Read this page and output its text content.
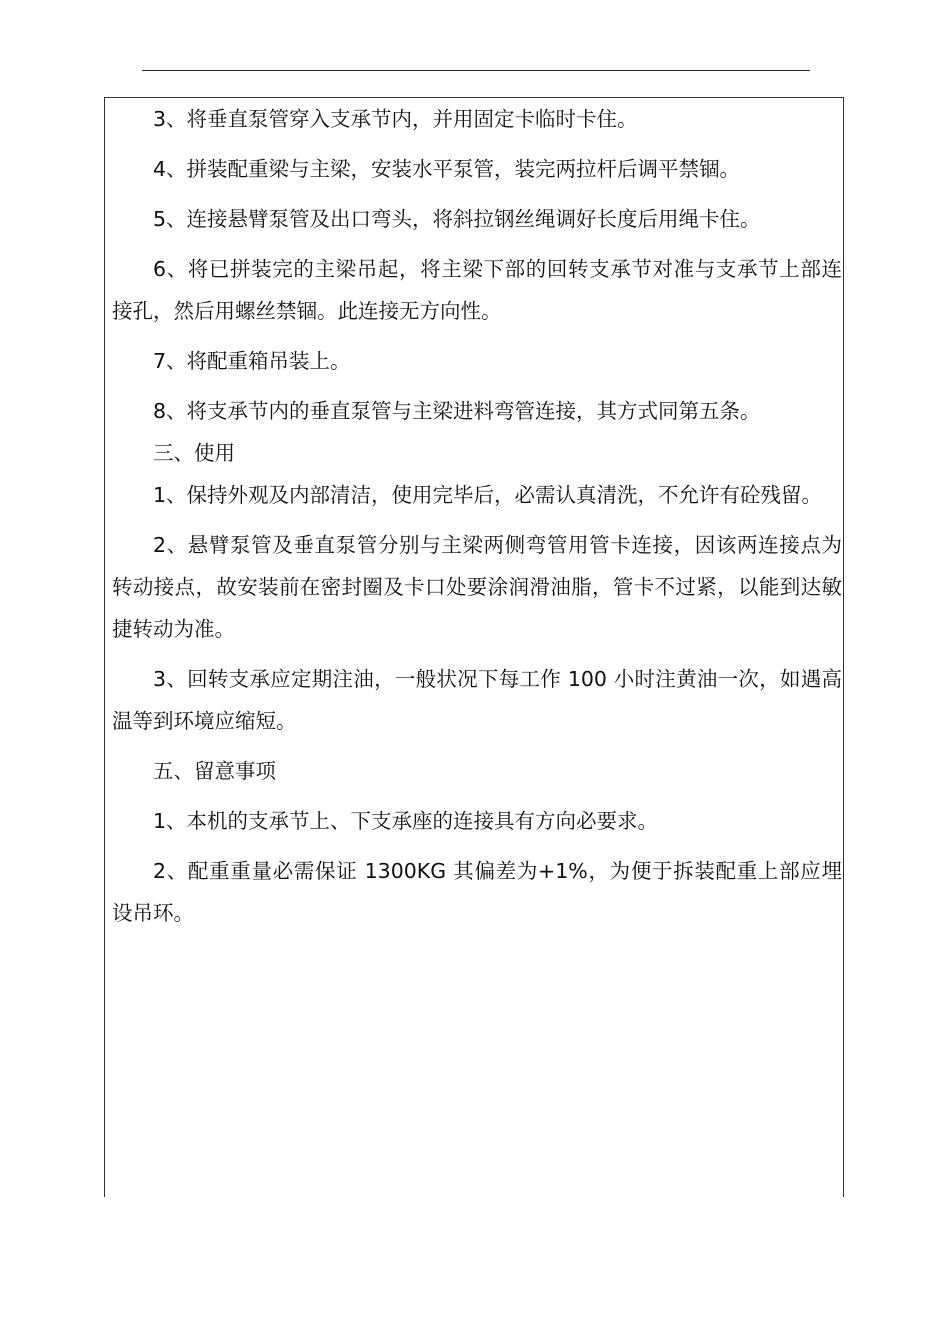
3、将垂直泵管穿入支承节内，并用固定卡临时卡住。

4、拼装配重梁与主梁，安装水平泵管，装完两拉杆后调平禁锢。

5、连接悬臂泵管及出口弯头，将斜拉钢丝绳调好长度后用绳卡住。

6、将已拼装完的主梁吊起，将主梁下部的回转支承节对准与支承节上部连接孔，然后用螺丝禁锢。此连接无方向性。

7、将配重箱吊装上。

8、将支承节内的垂直泵管与主梁进料弯管连接，其方式同第五条。

三、使用

1、保持外观及内部清洁，使用完毕后，必需认真清洗，不允许有砼残留。

2、悬臂泵管及垂直泵管分别与主梁两侧弯管用管卡连接，因该两连接点为转动接点，故安装前在密封圈及卡口处要涂润滑油脂，管卡不过紧，以能到达敏捷转动为准。

3、回转支承应定期注油，一般状况下每工作 100 小时注黄油一次，如遇高温等到环境应缩短。

五、留意事项

1、本机的支承节上、下支承座的连接具有方向必要求。

2、配重重量必需保证 1300KG 其偏差为+1%，为便于拆装配重上部应埋设吊环。
